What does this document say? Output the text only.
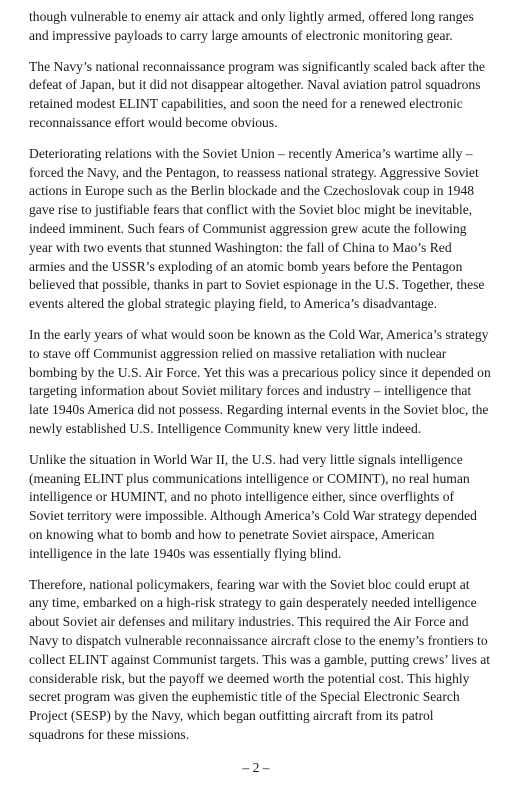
though vulnerable to enemy air attack and only lightly armed, offered long ranges and impressive payloads to carry large amounts of electronic monitoring gear.

The Navy’s national reconnaissance program was significantly scaled back after the defeat of Japan, but it did not disappear altogether. Naval aviation patrol squadrons retained modest ELINT capabilities, and soon the need for a renewed electronic reconnaissance effort would become obvious.

Deteriorating relations with the Soviet Union – recently America’s wartime ally – forced the Navy, and the Pentagon, to reassess national strategy. Aggressive Soviet actions in Europe such as the Berlin blockade and the Czechoslovak coup in 1948 gave rise to justifiable fears that conflict with the Soviet bloc might be inevitable, indeed imminent. Such fears of Communist aggression grew acute the following year with two events that stunned Washington: the fall of China to Mao’s Red armies and the USSR’s exploding of an atomic bomb years before the Pentagon believed that possible, thanks in part to Soviet espionage in the U.S. Together, these events altered the global strategic playing field, to America’s disadvantage.

In the early years of what would soon be known as the Cold War, America’s strategy to stave off Communist aggression relied on massive retaliation with nuclear bombing by the U.S. Air Force. Yet this was a precarious policy since it depended on targeting information about Soviet military forces and industry – intelligence that late 1940s America did not possess. Regarding internal events in the Soviet bloc, the newly established U.S. Intelligence Community knew very little indeed.

Unlike the situation in World War II, the U.S. had very little signals intelligence (meaning ELINT plus communications intelligence or COMINT), no real human intelligence or HUMINT, and no photo intelligence either, since overflights of Soviet territory were impossible. Although America’s Cold War strategy depended on knowing what to bomb and how to penetrate Soviet airspace, American intelligence in the late 1940s was essentially flying blind.

Therefore, national policymakers, fearing war with the Soviet bloc could erupt at any time, embarked on a high-risk strategy to gain desperately needed intelligence about Soviet air defenses and military industries. This required the Air Force and Navy to dispatch vulnerable reconnaissance aircraft close to the enemy’s frontiers to collect ELINT against Communist targets. This was a gamble, putting crews’ lives at considerable risk, but the payoff we deemed worth the potential cost. This highly secret program was given the euphemistic title of the Special Electronic Search Project (SESP) by the Navy, which began outfitting aircraft from its patrol squadrons for these missions.

– 2 –
